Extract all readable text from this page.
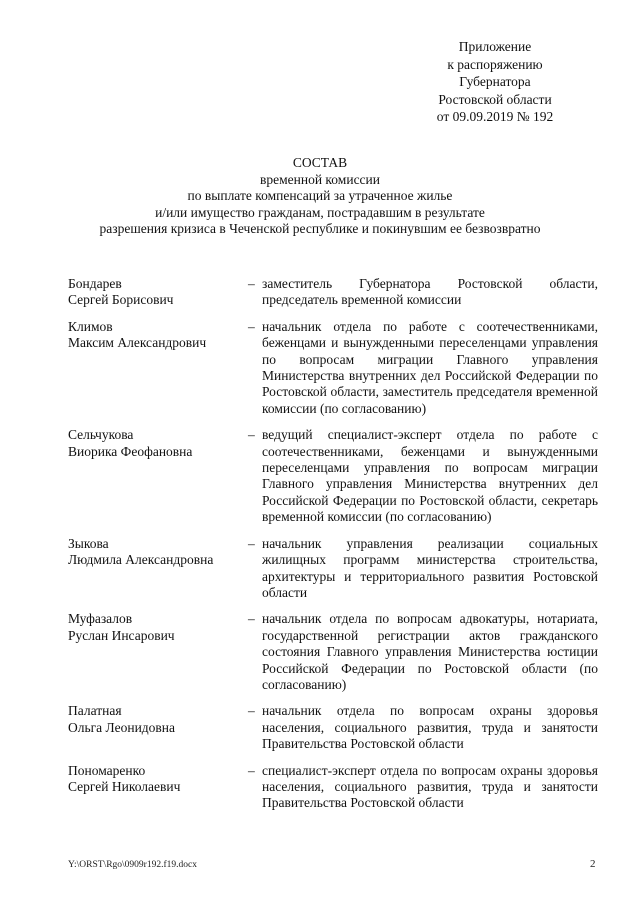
Приложение
к распоряжению
Губернатора
Ростовской области
от 09.09.2019 № 192
СОСТАВ
временной комиссии
по выплате компенсаций за утраченное жилье
и/или имущество гражданам, пострадавшим в результате
разрешения кризиса в Чеченской республике и покинувшим ее безвозвратно
Бондарев
Сергей Борисович
– заместитель Губернатора Ростовской области, председатель временной комиссии
Климов
Максим Александрович
– начальник отдела по работе с соотечественниками, беженцами и вынужденными переселенцами управления по вопросам миграции Главного управления Министерства внутренних дел Российской Федерации по Ростовской области, заместитель председателя временной комиссии (по согласованию)
Сельчукова
Виорика Феофановна
– ведущий специалист-эксперт отдела по работе с соотечественниками, беженцами и вынужденными переселенцами управления по вопросам миграции Главного управления Министерства внутренних дел Российской Федерации по Ростовской области, секретарь временной комиссии (по согласованию)
Зыкова
Людмила Александровна
– начальник управления реализации социальных жилищных программ министерства строительства, архитектуры и территориального развития Ростовской области
Муфазалов
Руслан Инсарович
– начальник отдела по вопросам адвокатуры, нотариата, государственной регистрации актов гражданского состояния Главного управления Министерства юстиции Российской Федерации по Ростовской области (по согласованию)
Палатная
Ольга Леонидовна
– начальник отдела по вопросам охраны здоровья населения, социального развития, труда и занятости Правительства Ростовской области
Пономаренко
Сергей Николаевич
– специалист-эксперт отдела по вопросам охраны здоровья населения, социального развития, труда и занятости Правительства Ростовской области
Y:\ORST\Rgo\0909r192.f19.docx	2
